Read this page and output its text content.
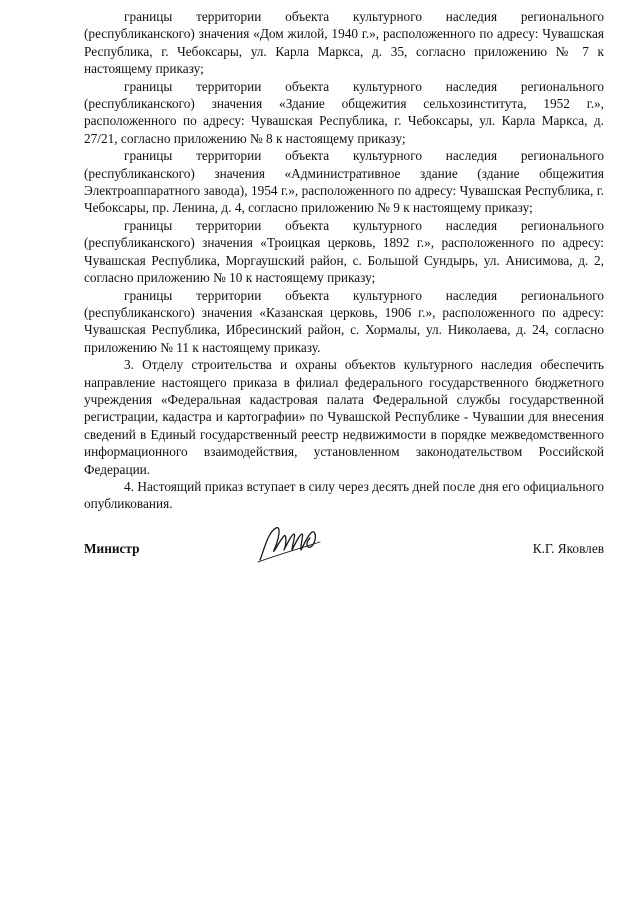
границы территории объекта культурного наследия регионального (республиканского) значения «Дом жилой, 1940 г.», расположенного по адресу: Чувашская Республика, г. Чебоксары, ул. Карла Маркса, д. 35, согласно приложению № 7 к настоящему приказу;

границы территории объекта культурного наследия регионального (республиканского) значения «Здание общежития сельхозинститута, 1952 г.», расположенного по адресу: Чувашская Республика, г. Чебоксары, ул. Карла Маркса, д. 27/21, согласно приложению № 8 к настоящему приказу;

границы территории объекта культурного наследия регионального (республиканского) значения «Административное здание (здание общежития Электроаппаратного завода), 1954 г.», расположенного по адресу: Чувашская Республика, г. Чебоксары, пр. Ленина, д. 4, согласно приложению № 9 к настоящему приказу;

границы территории объекта культурного наследия регионального (республиканского) значения «Троицкая церковь, 1892 г.», расположенного по адресу: Чувашская Республика, Моргаушский район, с. Большой Сундырь, ул. Анисимова, д. 2, согласно приложению № 10 к настоящему приказу;

границы территории объекта культурного наследия регионального (республиканского) значения «Казанская церковь, 1906 г.», расположенного по адресу: Чувашская Республика, Ибресинский район, с. Хормалы, ул. Николаева, д. 24, согласно приложению № 11 к настоящему приказу.

3. Отделу строительства и охраны объектов культурного наследия обеспечить направление настоящего приказа в филиал федерального государственного бюджетного учреждения «Федеральная кадастровая палата Федеральной службы государственной регистрации, кадастра и картографии» по Чувашской Республике - Чувашии для внесения сведений в Единый государственный реестр недвижимости в порядке межведомственного информационного взаимодействия, установленном законодательством Российской Федерации.

4. Настоящий приказ вступает в силу через десять дней после дня его официального опубликования.

Министр	К.Г. Яковлев
